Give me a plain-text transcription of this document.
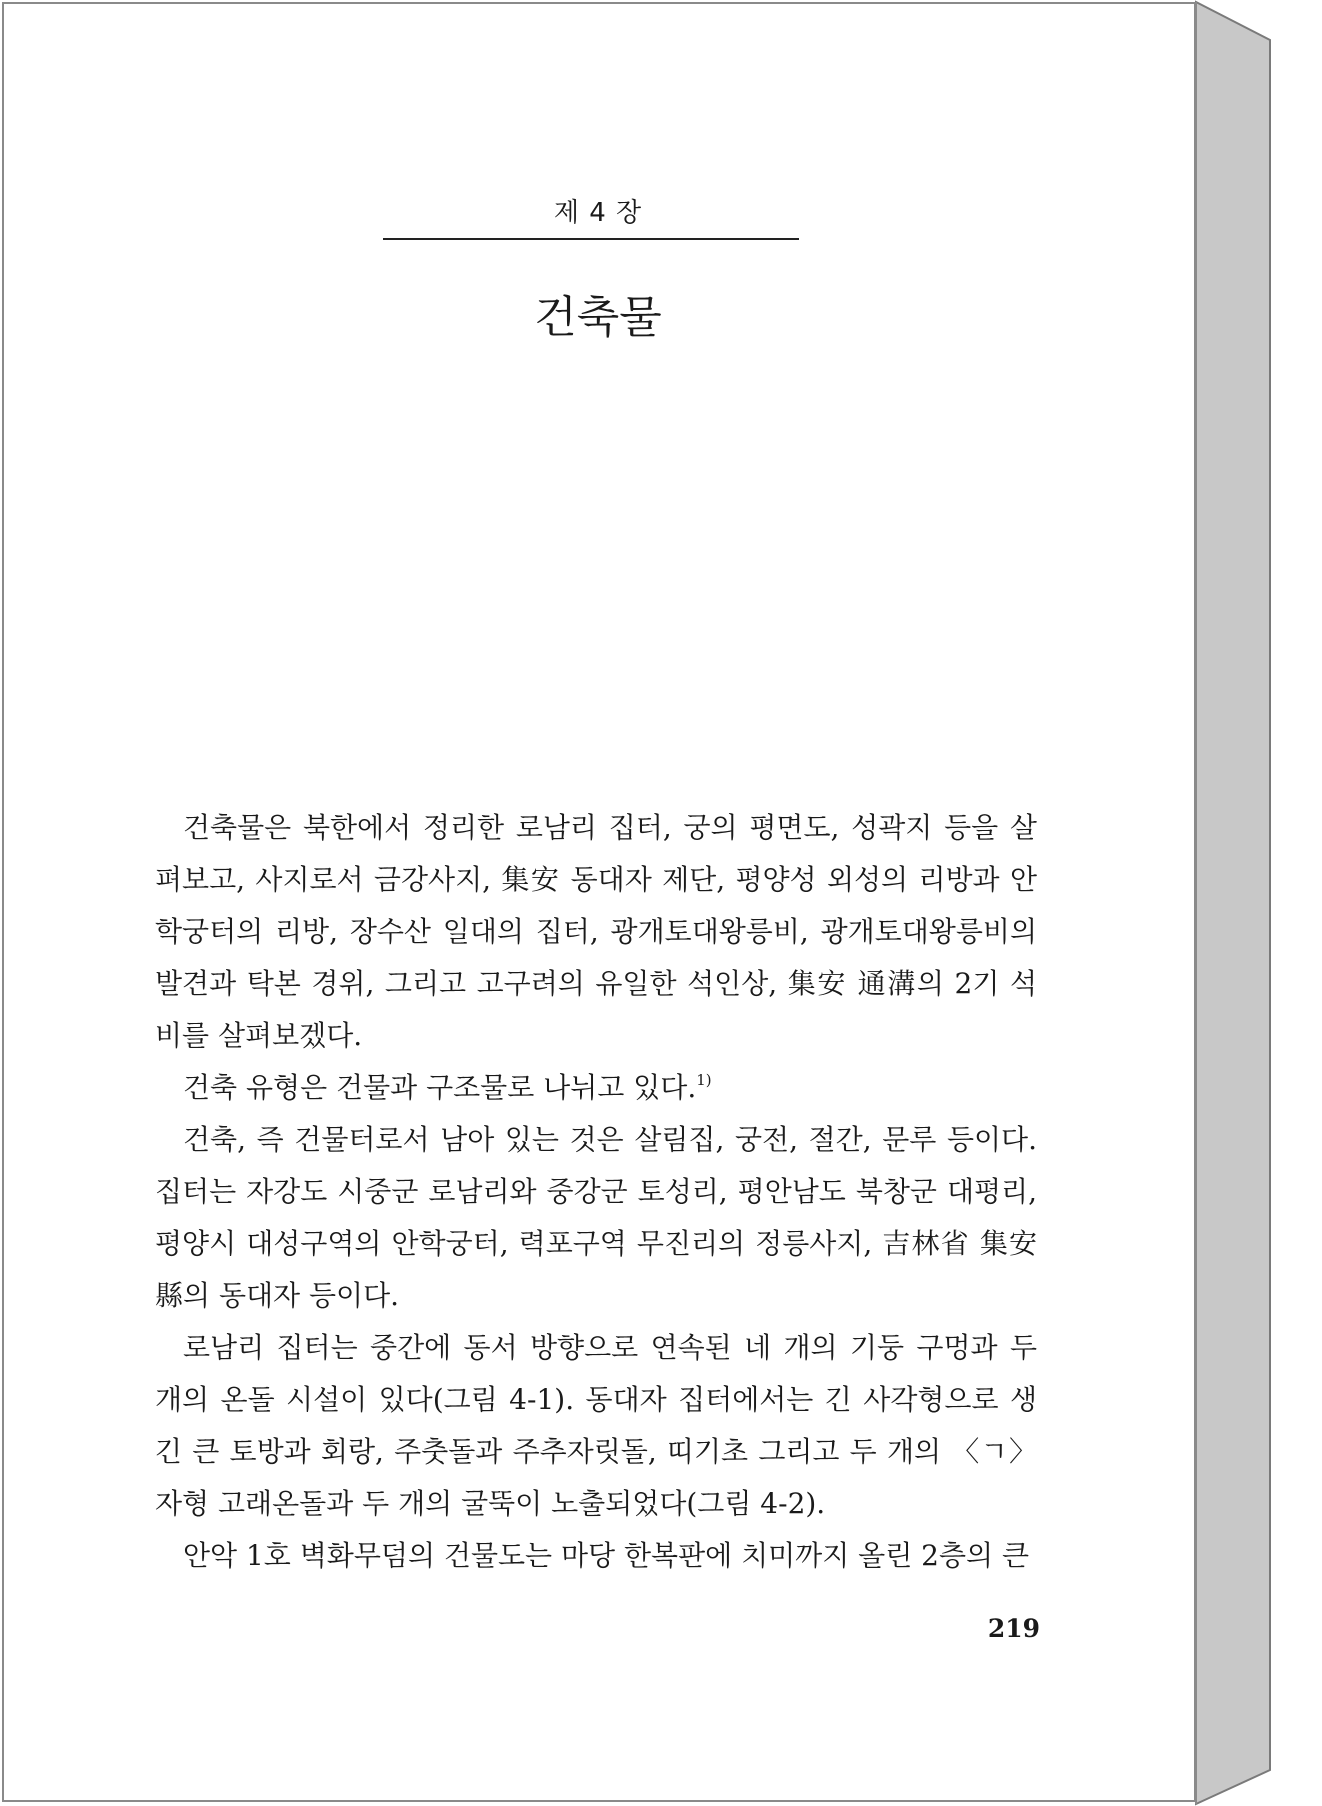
제 4 장
건축물

건축물은 북한에서 정리한 로남리 집터, 궁의 평면도, 성곽지 등을 살펴보고, 사지로서 금강사지, 集安 동대자 제단, 평양성 외성의 리방과 안학궁터의 리방, 장수산 일대의 집터, 광개토대왕릉비, 광개토대왕릉비의 발견과 탁본 경위, 그리고 고구려의 유일한 석인상, 集安 通溝의 2기 석비를 살펴보겠다.

건축 유형은 건물과 구조물로 나뉘고 있다.$^{1)}$

건축, 즉 건물터로서 남아 있는 것은 살림집, 궁전, 절간, 문루 등이다. 집터는 자강도 시중군 로남리와 중강군 토성리, 평안남도 북창군 대평리, 평양시 대성구역의 안학궁터, 력포구역 무진리의 정릉사지, 吉林省 集安縣의 동대자 등이다.

로남리 집터는 중간에 동서 방향으로 연속된 네 개의 기둥 구멍과 두 개의 온돌 시설이 있다(그림 4-1). 동대자 집터에서는 긴 사각형으로 생긴 큰 토방과 회랑, 주춧돌과 주추자릿돌, 띠기초 그리고 두 개의 〈ㄱ〉자형 고래온돌과 두 개의 굴뚝이 노출되었다(그림 4-2).

안악 1호 벽화무덤의 건물도는 마당 한복판에 치미까지 올린 2층의 큰

219
